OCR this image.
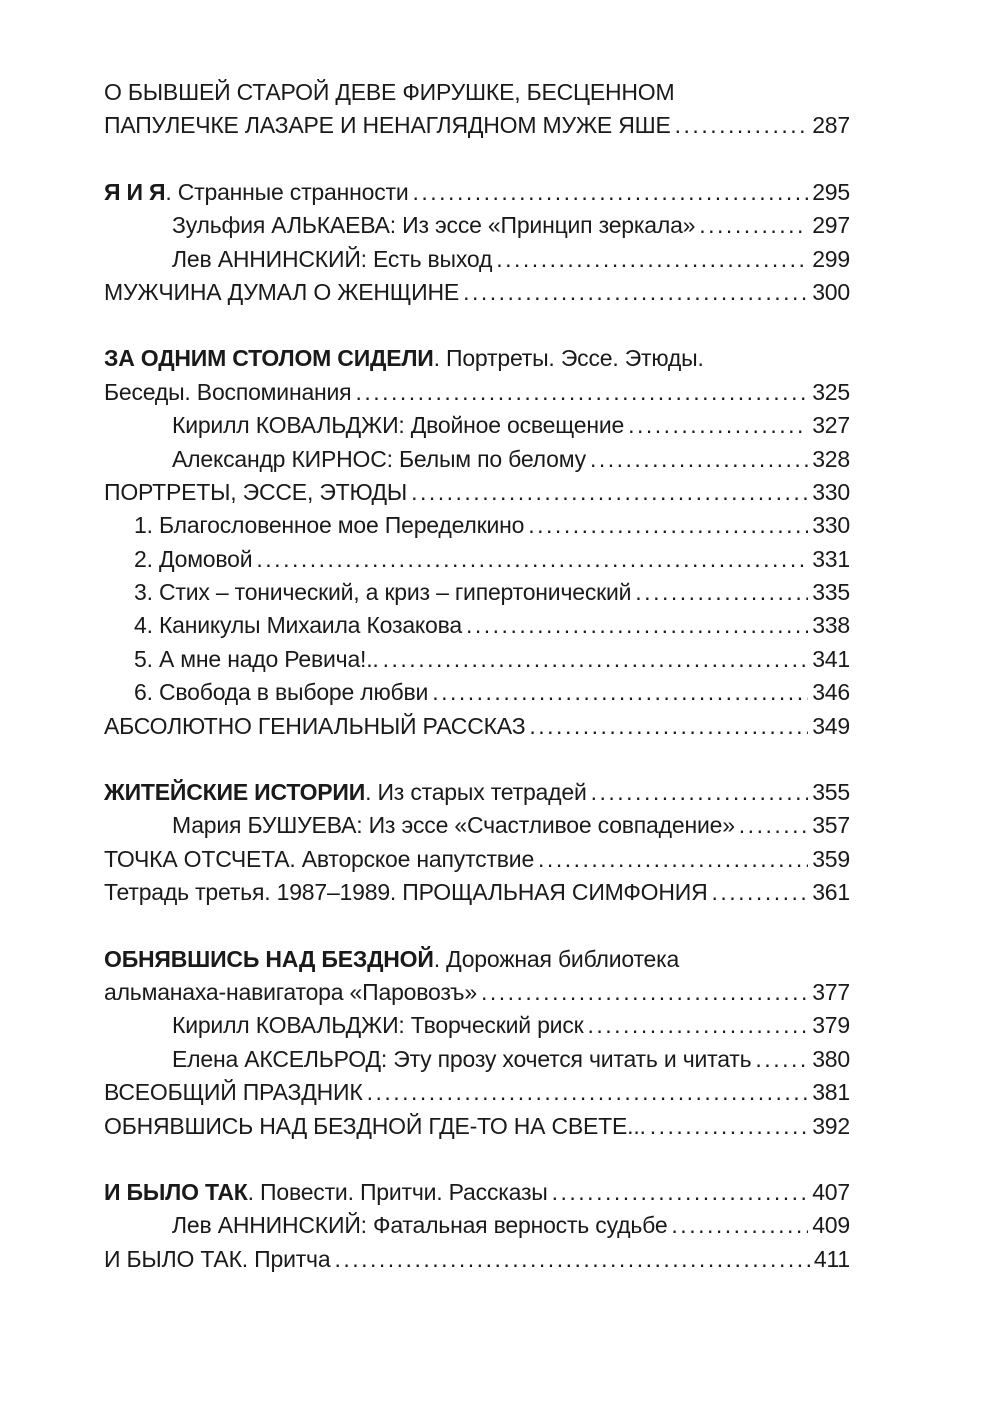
О БЫВШЕЙ СТАРОЙ ДЕВЕ ФИРУШКЕ, БЕСЦЕННОМ
ПАПУЛЕЧКЕ ЛАЗАРЕ И НЕНАГЛЯДНОМ МУЖЕ ЯШЕ .....	287
Я И Я. Странные странности .....	295
Зульфия АЛЬКАЕВА: Из эссе «Принцип зеркала» .....	297
Лев АННИНСКИЙ: Есть выход .....	299
МУЖЧИНА ДУМАЛ О ЖЕНЩИНЕ .....	300
ЗА ОДНИМ СТОЛОМ СИДЕЛИ. Портреты. Эссе. Этюды.
Беседы. Воспоминания .....	325
Кирилл КОВАЛЬДЖИ: Двойное освещение .....	327
Александр КИРНОС: Белым по белому .....	328
ПОРТРЕТЫ, ЭССЕ, ЭТЮДЫ .....	330
1. Благословенное мое Переделкино .....	330
2. Домовой .....	331
3. Стих – тонический, а криз – гипертонический .....	335
4. Каникулы Михаила Козакова .....	338
5. А мне надо Ревича!.. .....	341
6. Свобода в выборе любви .....	346
АБСОЛЮТНО ГЕНИАЛЬНЫЙ РАССКАЗ .....	349
ЖИТЕЙСКИЕ ИСТОРИИ. Из старых тетрадей .....	355
Мария БУШУЕВА: Из эссе «Счастливое совпадение» .....	357
ТОЧКА ОТСЧЕТА. Авторское напутствие .....	359
Тетрадь третья. 1987–1989. ПРОЩАЛЬНАЯ СИМФОНИЯ .....	361
ОБНЯВШИСЬ НАД БЕЗДНОЙ. Дорожная библиотека
альманаха-навигатора «Паровозъ» .....	377
Кирилл КОВАЛЬДЖИ: Творческий риск .....	379
Елена АКСЕЛЬРОД: Эту прозу хочется читать и читать .....	380
ВСЕОБЩИЙ ПРАЗДНИК .....	381
ОБНЯВШИСЬ НАД БЕЗДНОЙ ГДЕ-ТО НА СВЕТЕ... .....	392
И БЫЛО ТАК. Повести. Притчи. Рассказы .....	407
Лев АННИНСКИЙ: Фатальная верность судьбе .....	409
И БЫЛО ТАК. Притча .....	411
